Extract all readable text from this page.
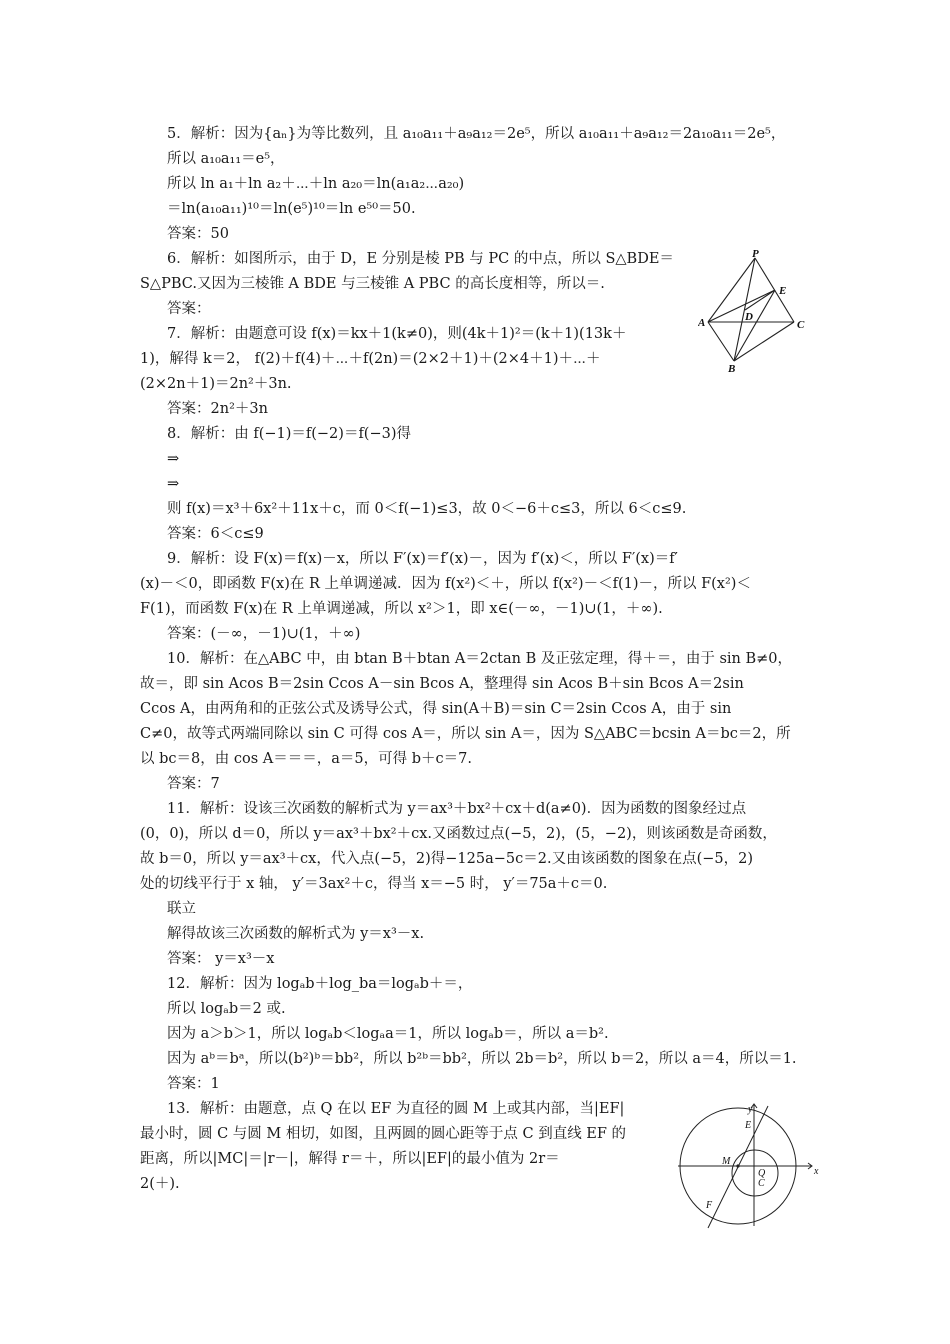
5．解析：因为{aₙ}为等比数列，且 a₁₀a₁₁＋a₉a₁₂＝2e⁵，所以 a₁₀a₁₁＋a₉a₁₂＝2a₁₀a₁₁＝2e⁵，
所以 a₁₀a₁₁＝e⁵，
所以 ln a₁＋ln a₂＋⋯＋ln a₂₀＝ln(a₁a₂⋯a₂₀)
＝ln(a₁₀a₁₁)¹⁰＝ln(e⁵)¹⁰＝ln e⁵⁰＝50.
答案：50
6．解析：如图所示，由于 D，E 分别是棱 PB 与 PC 的中点，所以 S△BDE＝
S△PBC.又因为三棱锥 A BDE 与三棱锥 A PBC 的高长度相等，所以＝.
答案：
7．解析：由题意可设 f(x)＝kx＋1(k≠0)，则(4k＋1)²＝(k＋1)(13k＋
1)，解得 k＝2， f(2)＋f(4)＋⋯＋f(2n)＝(2×2＋1)＋(2×4＋1)＋⋯＋
(2×2n＋1)＝2n²＋3n.
答案：2n²＋3n
8．解析：由 f(−1)＝f(−2)＝f(−3)得
⇒
⇒
则 f(x)＝x³＋6x²＋11x＋c，而 0＜f(−1)≤3，故 0＜−6＋c≤3，所以 6＜c≤9.
答案：6＜c≤9
9．解析：设 F(x)＝f(x)－x，所以 F′(x)＝f′(x)－，因为 f′(x)＜，所以 F′(x)＝f′
(x)－＜0，即函数 F(x)在 R 上单调递减．因为 f(x²)＜＋，所以 f(x²)－＜f(1)－，所以 F(x²)＜
F(1)，而函数 F(x)在 R 上单调递减，所以 x²＞1，即 x∈(－∞，－1)∪(1，＋∞).
答案：(－∞，－1)∪(1，＋∞)
10．解析：在△ABC 中，由 btan B＋btan A＝2ctan B 及正弦定理，得＋＝，由于 sin B≠0，
故＝，即 sin Acos B＝2sin Ccos A－sin Bcos A，整理得 sin Acos B＋sin Bcos A＝2sin
Ccos A，由两角和的正弦公式及诱导公式，得 sin(A＋B)＝sin C＝2sin Ccos A，由于 sin
C≠0，故等式两端同除以 sin C 可得 cos A＝，所以 sin A＝，因为 S△ABC＝bcsin A＝bc＝2，所
以 bc＝8，由 cos A＝＝＝，a＝5，可得 b＋c＝7.
答案：7
11．解析：设该三次函数的解析式为 y＝ax³＋bx²＋cx＋d(a≠0)．因为函数的图象经过点
(0，0)，所以 d＝0，所以 y＝ax³＋bx²＋cx.又函数过点(−5，2)，(5，−2)，则该函数是奇函数，
故 b＝0，所以 y＝ax³＋cx，代入点(−5，2)得−125a−5c＝2.又由该函数的图象在点(−5，2)
处的切线平行于 x 轴， y′＝3ax²＋c，得当 x＝−5 时， y′＝75a＋c＝0.
联立
解得故该三次函数的解析式为 y＝x³－x.
答案： y＝x³－x
12．解析：因为 logₐb＋log_ba＝logₐb＋＝，
所以 logₐb＝2 或.
因为 a＞b＞1，所以 logₐb＜logₐa＝1，所以 logₐb＝，所以 a＝b².
因为 aᵇ＝bᵃ，所以(b²)ᵇ＝bb²，所以 b²ᵇ＝bb²，所以 2b＝b²，所以 b＝2，所以 a＝4，所以＝1.
答案：1
13．解析：由题意，点 Q 在以 EF 为直径的圆 M 上或其内部，当|EF|
最小时，圆 C 与圆 M 相切，如图，且两圆的圆心距等于点 C 到直线 EF 的
距离，所以|MC|＝|r－|，解得 r＝＋，所以|EF|的最小值为 2r＝
2(＋).
P
E
A	D
C
B
y
E
M
Q
C
F
x
